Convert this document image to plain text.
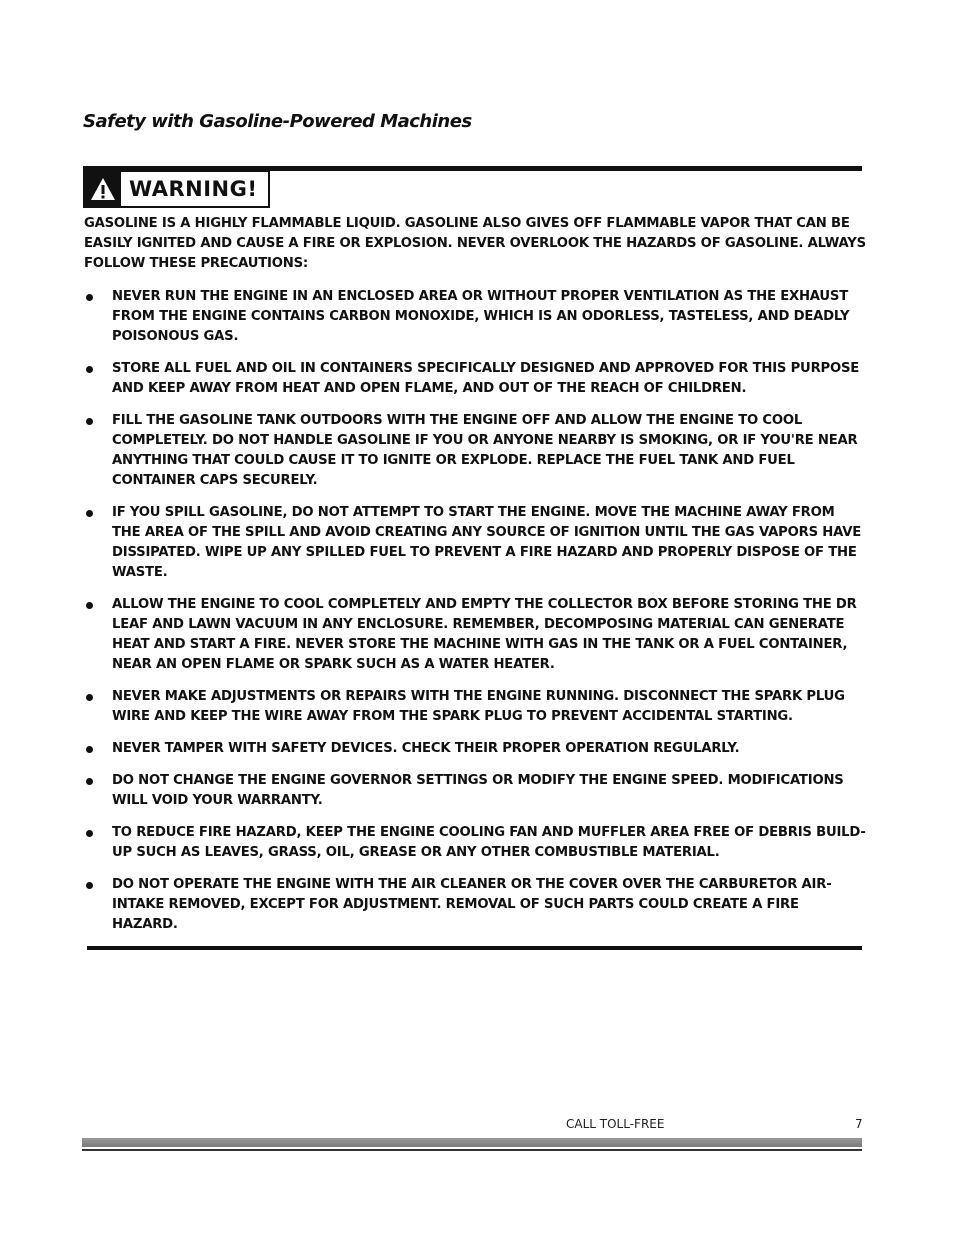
Safety with Gasoline-Powered Machines
WARNING!

GASOLINE IS A HIGHLY FLAMMABLE LIQUID. GASOLINE ALSO GIVES OFF FLAMMABLE VAPOR THAT CAN BE EASILY IGNITED AND CAUSE A FIRE OR EXPLOSION. NEVER OVERLOOK THE HAZARDS OF GASOLINE. ALWAYS FOLLOW THESE PRECAUTIONS:

NEVER RUN THE ENGINE IN AN ENCLOSED AREA OR WITHOUT PROPER VENTILATION AS THE EXHAUST FROM THE ENGINE CONTAINS CARBON MONOXIDE, WHICH IS AN ODORLESS, TASTELESS, AND DEADLY POISONOUS GAS.
STORE ALL FUEL AND OIL IN CONTAINERS SPECIFICALLY DESIGNED AND APPROVED FOR THIS PURPOSE AND KEEP AWAY FROM HEAT AND OPEN FLAME, AND OUT OF THE REACH OF CHILDREN.
FILL THE GASOLINE TANK OUTDOORS WITH THE ENGINE OFF AND ALLOW THE ENGINE TO COOL COMPLETELY. DO NOT HANDLE GASOLINE IF YOU OR ANYONE NEARBY IS SMOKING, OR IF YOU'RE NEAR ANYTHING THAT COULD CAUSE IT TO IGNITE OR EXPLODE. REPLACE THE FUEL TANK AND FUEL CONTAINER CAPS SECURELY.
IF YOU SPILL GASOLINE, DO NOT ATTEMPT TO START THE ENGINE. MOVE THE MACHINE AWAY FROM THE AREA OF THE SPILL AND AVOID CREATING ANY SOURCE OF IGNITION UNTIL THE GAS VAPORS HAVE DISSIPATED. WIPE UP ANY SPILLED FUEL TO PREVENT A FIRE HAZARD AND PROPERLY DISPOSE OF THE WASTE.
ALLOW THE ENGINE TO COOL COMPLETELY AND EMPTY THE COLLECTOR BOX BEFORE STORING THE DR LEAF AND LAWN VACUUM IN ANY ENCLOSURE. REMEMBER, DECOMPOSING MATERIAL CAN GENERATE HEAT AND START A FIRE. NEVER STORE THE MACHINE WITH GAS IN THE TANK OR A FUEL CONTAINER, NEAR AN OPEN FLAME OR SPARK SUCH AS A WATER HEATER.
NEVER MAKE ADJUSTMENTS OR REPAIRS WITH THE ENGINE RUNNING. DISCONNECT THE SPARK PLUG WIRE AND KEEP THE WIRE AWAY FROM THE SPARK PLUG TO PREVENT ACCIDENTAL STARTING.
NEVER TAMPER WITH SAFETY DEVICES. CHECK THEIR PROPER OPERATION REGULARLY.
DO NOT CHANGE THE ENGINE GOVERNOR SETTINGS OR MODIFY THE ENGINE SPEED. MODIFICATIONS WILL VOID YOUR WARRANTY.
TO REDUCE FIRE HAZARD, KEEP THE ENGINE COOLING FAN AND MUFFLER AREA FREE OF DEBRIS BUILD-UP SUCH AS LEAVES, GRASS, OIL, GREASE OR ANY OTHER COMBUSTIBLE MATERIAL.
DO NOT OPERATE THE ENGINE WITH THE AIR CLEANER OR THE COVER OVER THE CARBURETOR AIR-INTAKE REMOVED, EXCEPT FOR ADJUSTMENT. REMOVAL OF SUCH PARTS COULD CREATE A FIRE HAZARD.
CALL TOLL-FREE	7
